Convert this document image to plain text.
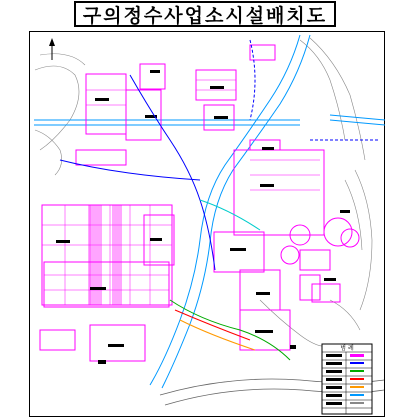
구의정수사업소시설배치도
범 례
